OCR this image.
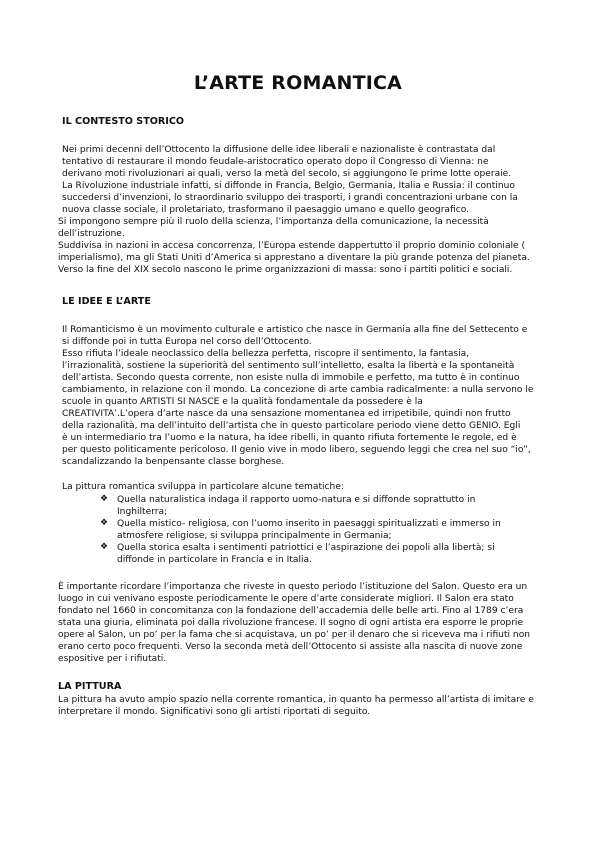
L’ARTE ROMANTICA
IL CONTESTO STORICO
Nei primi decenni dell’Ottocento la diffusione delle idee liberali e nazionaliste è contrastata dal
tentativo di restaurare il mondo feudale-aristocratico operato dopo il Congresso di Vienna: ne
derivano moti rivoluzionari ai quali, verso la metà del secolo, si aggiungono le prime lotte operaie.
La Rivoluzione industriale infatti, si diffonde in Francia, Belgio, Germania, Italia e Russia: il continuo
succedersi d’invenzioni, lo straordinario sviluppo dei trasporti, i grandi concentrazioni urbane con la
nuova classe sociale, il proletariato, trasformano il paesaggio umano e quello geografico.
Si impongono sempre più il ruolo della scienza, l’importanza della comunicazione, la necessità
dell’istruzione.
Suddivisa in nazioni in accesa concorrenza, l’Europa estende dappertutto il proprio dominio coloniale (
imperialismo), ma gli Stati Uniti d’America si apprestano a diventare la più grande potenza del pianeta.
Verso la fine del XIX secolo nascono le prime organizzazioni di massa: sono i partiti politici e sociali.
LE IDEE E L’ARTE
Il Romanticismo è un movimento culturale e artistico che nasce in Germania alla fine del Settecento e
si diffonde poi in tutta Europa nel corso dell’Ottocento.
Esso rifiuta l’ideale neoclassico della bellezza perfetta, riscopre il sentimento, la fantasia,
l’irrazionalità, sostiene la superiorità del sentimento sull’intelletto, esalta la libertà e la spontaneità
dell’artista. Secondo questa corrente, non esiste nulla di immobile e perfetto, ma tutto è in continuo
cambiamento, in relazione con il mondo. La concezione di arte cambia radicalmente: a nulla servono le
scuole in quanto ARTISTI SI NASCE e la qualità fondamentale da possedere è la
CREATIVITA’.L’opera d’arte nasce da una sensazione momentanea ed irripetibile, quindi non frutto
della razionalità, ma dell’intuito dell’artista che in questo particolare periodo viene detto GENIO. Egli
è un intermediario tra l’uomo e la natura, ha idee ribelli, in quanto rifiuta fortemente le regole, ed è
per questo politicamente pericoloso. Il genio vive in modo libero, seguendo leggi che crea nel suo “io”,
scandalizzando la benpensante classe borghese.
La pittura romantica sviluppa in particolare alcune tematiche:
❖ Quella naturalistica indaga il rapporto uomo-natura e si diffonde soprattutto in
Inghilterra;
❖ Quella mistico- religiosa, con l’uomo inserito in paesaggi spiritualizzati e immerso in
atmosfere religiose, si sviluppa principalmente in Germania;
❖ Quella storica esalta i sentimenti patriottici e l’aspirazione dei popoli alla libertà; si
diffonde in particolare in Francia e in Italia.
È importante ricordare l’importanza che riveste in questo periodo l’istituzione del Salon. Questo era un
luogo in cui venivano esposte periodicamente le opere d’arte considerate migliori. Il Salon era stato
fondato nel 1660 in concomitanza con la fondazione dell’accademia delle belle arti. Fino al 1789 c’era
stata una giuria, eliminata poi dalla rivoluzione francese. Il sogno di ogni artista era esporre le proprie
opere al Salon, un po’ per la fama che si acquistava, un po’ per il denaro che si riceveva ma i rifiuti non
erano certo poco frequenti. Verso la seconda metà dell’Ottocento si assiste alla nascita di nuove zone
espositive per i rifiutati.
LA PITTURA
La pittura ha avuto ampio spazio nella corrente romantica, in quanto ha permesso all’artista di imitare e
interpretare il mondo. Significativi sono gli artisti riportati di seguito.
